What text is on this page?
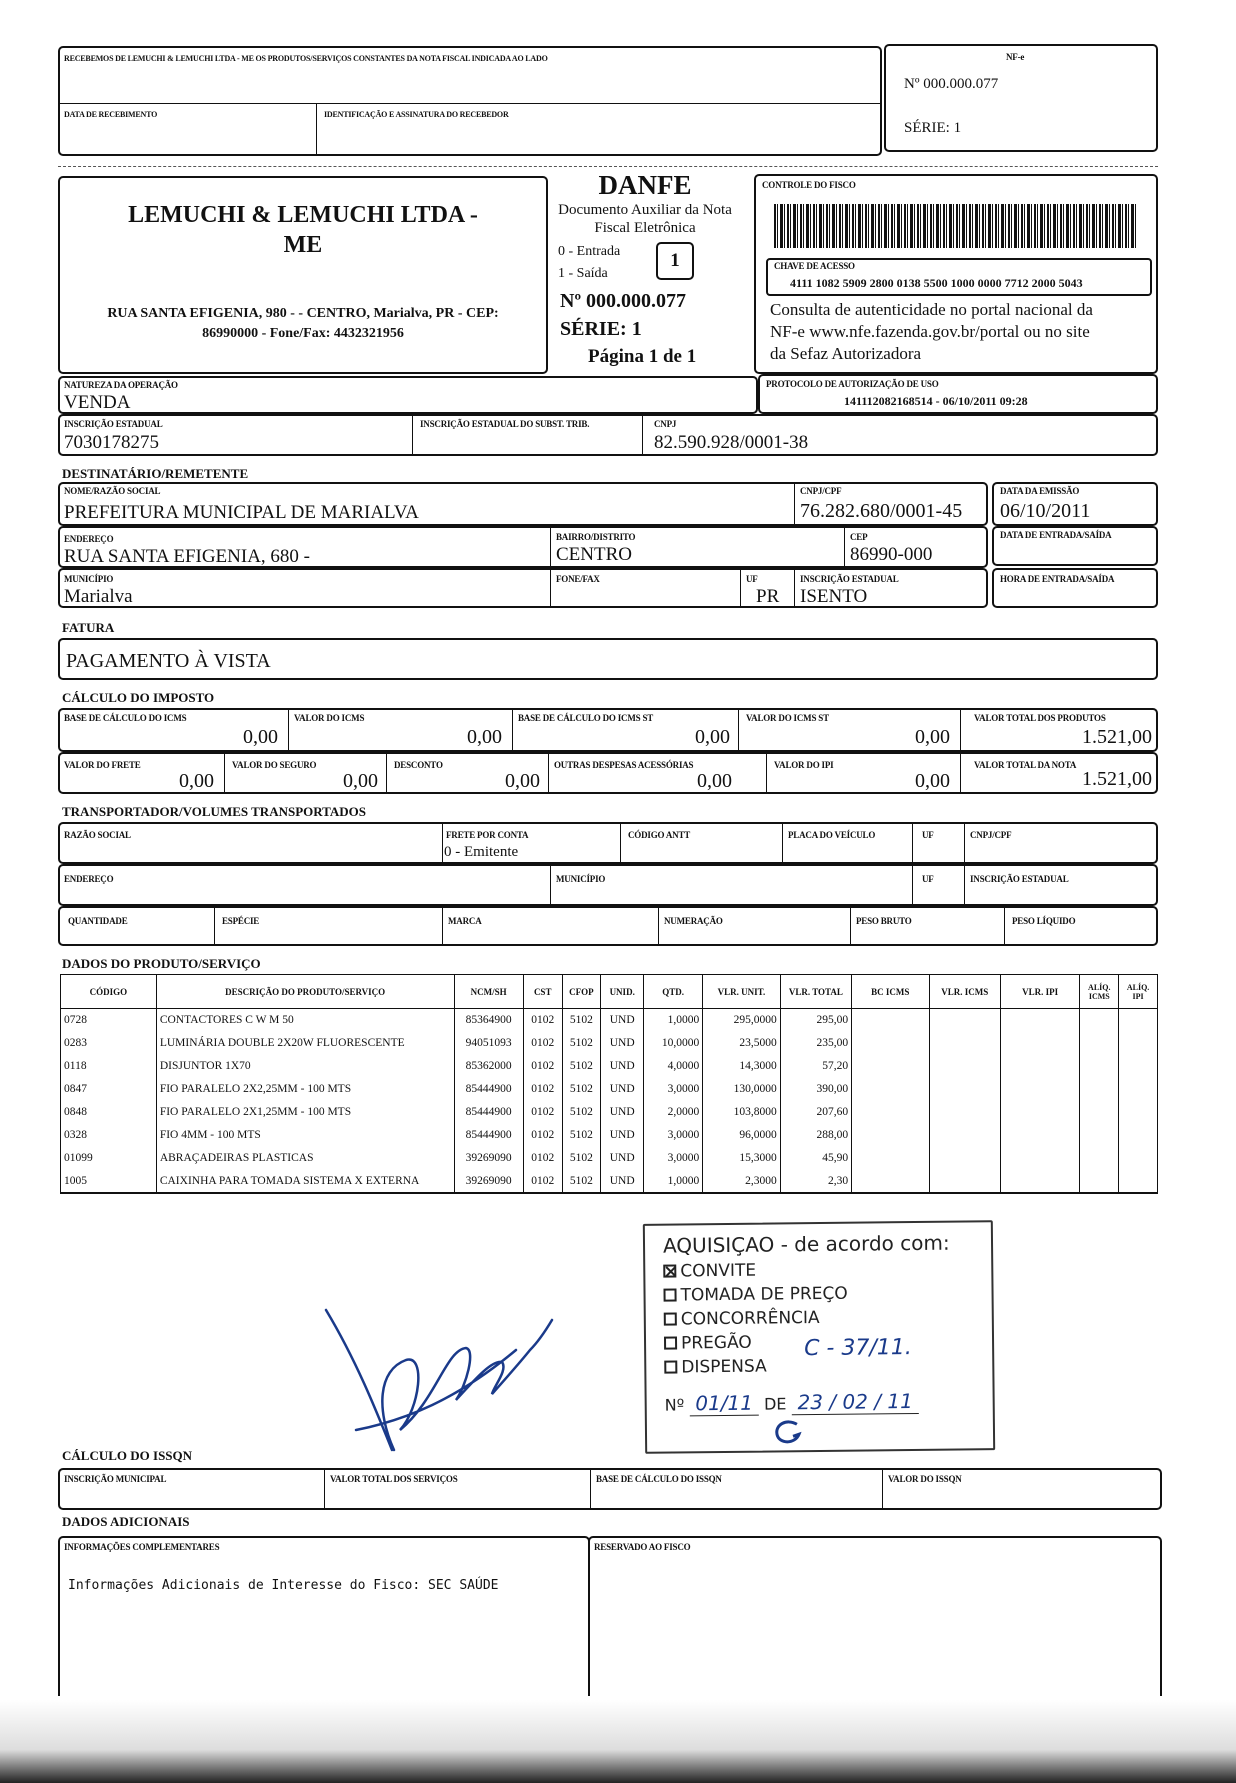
RECEBEMOS DE LEMUCHI & LEMUCHI LTDA - ME OS PRODUTOS/SERVIÇOS CONSTANTES DA NOTA FISCAL INDICADA AO LADO
DATA DE RECEBIMENTO	IDENTIFICAÇÃO E ASSINATURA DO RECEBEDOR
NF-e
Nº 000.000.077
SÉRIE: 1
LEMUCHI & LEMUCHI LTDA -
ME
RUA SANTA EFIGENIA, 980 - - CENTRO, Marialva, PR - CEP:
86990000 - Fone/Fax: 4432321956
DANFE
Documento Auxiliar da Nota
Fiscal Eletrônica
0 - Entrada
1 - Saída
1
Nº 000.000.077
SÉRIE: 1
Página 1 de 1
CONTROLE DO FISCO
CHAVE DE ACESSO
4111 1082 5909 2800 0138 5500 1000 0000 7712 2000 5043
Consulta de autenticidade no portal nacional da
NF-e www.nfe.fazenda.gov.br/portal ou no site
da Sefaz Autorizadora
NATUREZA DA OPERAÇÃO
VENDA
PROTOCOLO DE AUTORIZAÇÃO DE USO
141112082168514 - 06/10/2011 09:28
INSCRIÇÃO ESTADUAL
7030178275
INSCRIÇÃO ESTADUAL DO SUBST. TRIB.	CNPJ
82.590.928/0001-38
DESTINATÁRIO/REMETENTE
NOME/RAZÃO SOCIAL
PREFEITURA MUNICIPAL DE MARIALVA
CNPJ/CPF
76.282.680/0001-45
DATA DA EMISSÃO
06/10/2011
ENDEREÇO
RUA SANTA EFIGENIA, 680 -
BAIRRO/DISTRITO
CENTRO
CEP
86990-000
DATA DE ENTRADA/SAÍDA
MUNICÍPIO
Marialva
FONE/FAX	UF
PR
INSCRIÇÃO ESTADUAL
ISENTO
HORA DE ENTRADA/SAÍDA
FATURA
PAGAMENTO À VISTA
CÁLCULO DO IMPOSTO
BASE DE CÁLCULO DO ICMS
0,00
VALOR DO ICMS
0,00
BASE DE CÁLCULO DO ICMS ST
0,00
VALOR DO ICMS ST
0,00
VALOR TOTAL DOS PRODUTOS
1.521,00
VALOR DO FRETE
0,00
VALOR DO SEGURO
0,00
DESCONTO
0,00
OUTRAS DESPESAS ACESSÓRIAS
0,00
VALOR DO IPI
0,00
VALOR TOTAL DA NOTA
1.521,00
TRANSPORTADOR/VOLUMES TRANSPORTADOS
RAZÃO SOCIAL	FRETE POR CONTA
0 - Emitente
CÓDIGO ANTT	PLACA DO VEÍCULO	UF	CNPJ/CPF
ENDEREÇO	MUNICÍPIO	UF	INSCRIÇÃO ESTADUAL
QUANTIDADE	ESPÉCIE	MARCA	NUMERAÇÃO	PESO BRUTO	PESO LÍQUIDO
DADOS DO PRODUTO/SERVIÇO
CÓDIGO	DESCRIÇÃO DO PRODUTO/SERVIÇO	NCM/SH	CST	CFOP	UNID.	QTD.	VLR. UNIT.	VLR. TOTAL	BC ICMS	VLR. ICMS	VLR. IPI	ALÍQ. ICMS	ALÍQ. IPI
0728	CONTACTORES C W M 50	85364900	0102	5102	UND	1,0000	295,0000	295,00					
0283	LUMINÁRIA DOUBLE 2X20W FLUORESCENTE	94051093	0102	5102	UND	10,0000	23,5000	235,00					
0118	DISJUNTOR 1X70	85362000	0102	5102	UND	4,0000	14,3000	57,20					
0847	FIO PARALELO 2X2,25MM - 100 MTS	85444900	0102	5102	UND	3,0000	130,0000	390,00					
0848	FIO PARALELO 2X1,25MM - 100 MTS	85444900	0102	5102	UND	2,0000	103,8000	207,60					
0328	FIO 4MM - 100 MTS	85444900	0102	5102	UND	3,0000	96,0000	288,00					
01099	ABRAÇADEIRAS PLASTICAS	39269090	0102	5102	UND	3,0000	15,3000	45,90					
1005	CAIXINHA PARA TOMADA SISTEMA X EXTERNA	39269090	0102	5102	UND	1,0000	2,3000	2,30					
AQUISIÇAO - de acordo com:
CONVITE
TOMADA DE PREÇO
CONCORRÊNCIA
PREGÃO
DISPENSA
C - 37/11.
Nº 01/11 DE 23 / 02 / 11
CÁLCULO DO ISSQN
INSCRIÇÃO MUNICIPAL	VALOR TOTAL DOS SERVIÇOS	BASE DE CÁLCULO DO ISSQN	VALOR DO ISSQN
DADOS ADICIONAIS
INFORMAÇÕES COMPLEMENTARES
Informações Adicionais de Interesse do Fisco: SEC SAÚDE
RESERVADO AO FISCO
